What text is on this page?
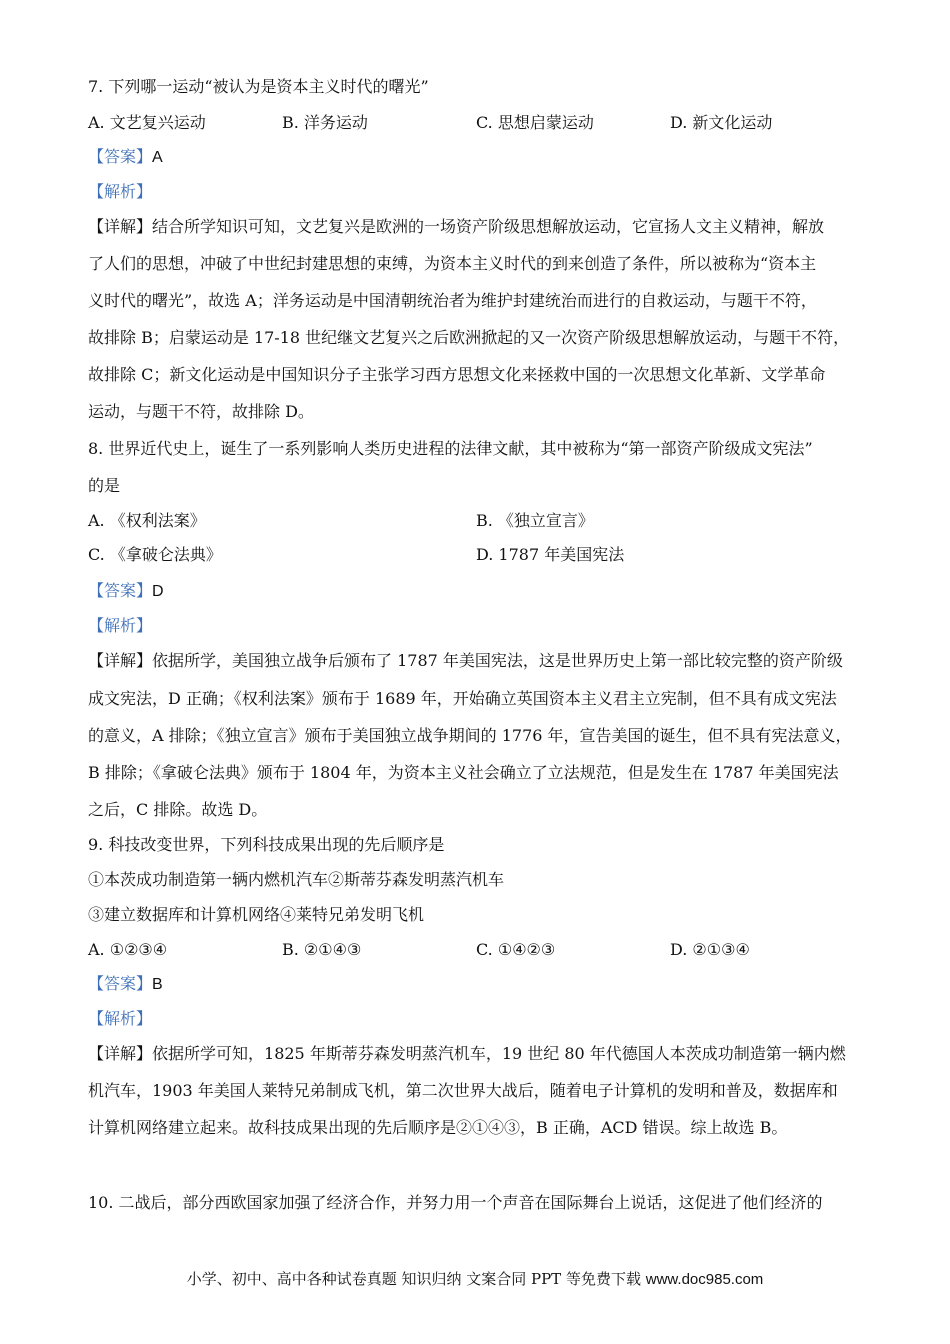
7. 下列哪一运动“被认为是资本主义时代的曙光”
A. 文艺复兴运动	B. 洋务运动	C. 思想启蒙运动	D. 新文化运动
【答案】A
【解析】
【详解】结合所学知识可知，文艺复兴是欧洲的一场资产阶级思想解放运动，它宣扬人文主义精神，解放
了人们的思想，冲破了中世纪封建思想的束缚，为资本主义时代的到来创造了条件，所以被称为“资本主
义时代的曙光”，故选 A；洋务运动是中国清朝统治者为维护封建统治而进行的自救运动，与题干不符，
故排除 B；启蒙运动是 17-18 世纪继文艺复兴之后欧洲掀起的又一次资产阶级思想解放运动，与题干不符，
故排除 C；新文化运动是中国知识分子主张学习西方思想文化来拯救中国的一次思想文化革新、文学革命
运动，与题干不符，故排除 D。
8. 世界近代史上，诞生了一系列影响人类历史进程的法律文献，其中被称为“第一部资产阶级成文宪法”
的是
A. 《权利法案》	B. 《独立宣言》
C. 《拿破仑法典》	D. 1787 年美国宪法
【答案】D
【解析】
【详解】依据所学，美国独立战争后颁布了 1787 年美国宪法，这是世界历史上第一部比较完整的资产阶级
成文宪法，D 正确；《权利法案》颁布于 1689 年，开始确立英国资本主义君主立宪制，但不具有成文宪法
的意义，A 排除；《独立宣言》颁布于美国独立战争期间的 1776 年，宣告美国的诞生，但不具有宪法意义，
B 排除；《拿破仑法典》颁布于 1804 年，为资本主义社会确立了立法规范，但是发生在 1787 年美国宪法
之后，C 排除。故选 D。
9. 科技改变世界，下列科技成果出现的先后顺序是
①本茨成功制造第一辆内燃机汽车②斯蒂芬森发明蒸汽机车
③建立数据库和计算机网络④莱特兄弟发明飞机
A. ①②③④	B. ②①④③	C. ①④②③	D. ②①③④
【答案】B
【解析】
【详解】依据所学可知，1825 年斯蒂芬森发明蒸汽机车，19 世纪 80 年代德国人本茨成功制造第一辆内燃
机汽车，1903 年美国人莱特兄弟制成飞机，第二次世界大战后，随着电子计算机的发明和普及，数据库和
计算机网络建立起来。故科技成果出现的先后顺序是②①④③，B 正确，ACD 错误。综上故选 B。
10. 二战后，部分西欧国家加强了经济合作，并努力用一个声音在国际舞台上说话，这促进了他们经济的
小学、初中、高中各种试卷真题 知识归纳 文案合同 PPT 等免费下载 www.doc985.com
